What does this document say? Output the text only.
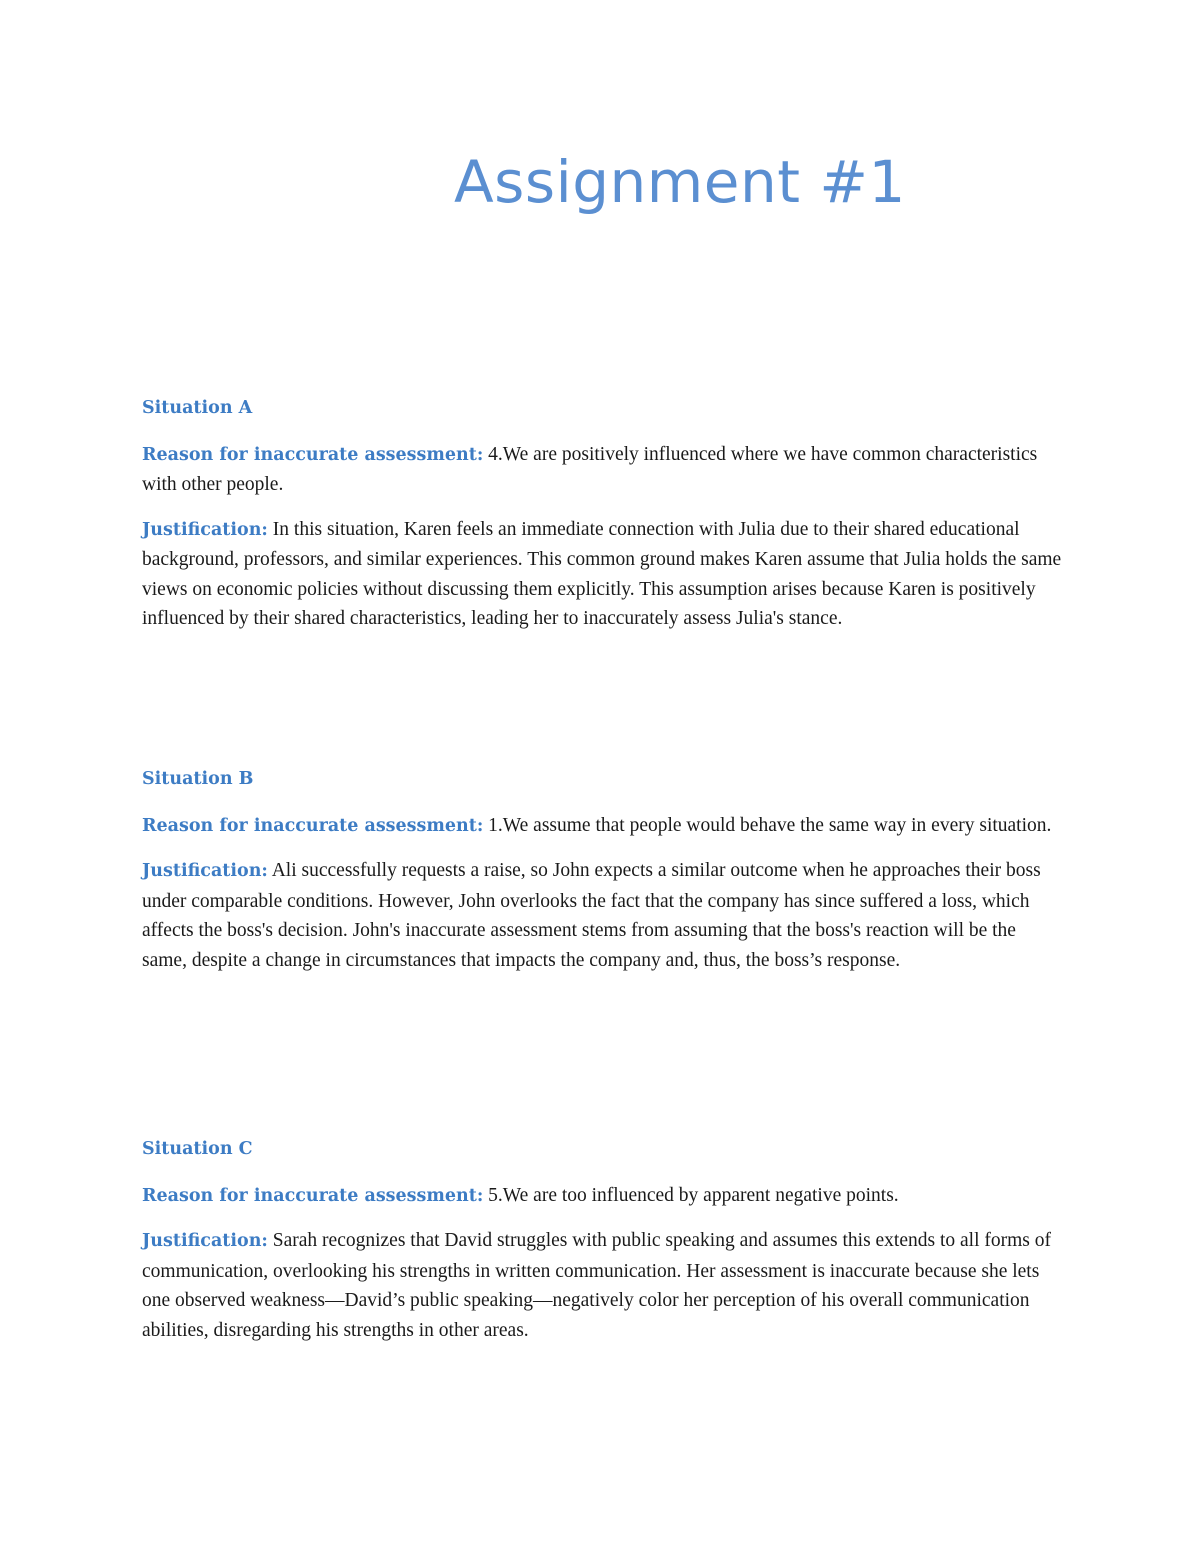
Assignment #1

Situation A

Reason for inaccurate assessment: 4.We are positively influenced where we have common characteristics with other people.

Justification: In this situation, Karen feels an immediate connection with Julia due to their shared educational background, professors, and similar experiences. This common ground makes Karen assume that Julia holds the same views on economic policies without discussing them explicitly. This assumption arises because Karen is positively influenced by their shared characteristics, leading her to inaccurately assess Julia's stance.

Situation B

Reason for inaccurate assessment: 1.We assume that people would behave the same way in every situation.

Justification: Ali successfully requests a raise, so John expects a similar outcome when he approaches their boss under comparable conditions. However, John overlooks the fact that the company has since suffered a loss, which affects the boss's decision. John's inaccurate assessment stems from assuming that the boss's reaction will be the same, despite a change in circumstances that impacts the company and, thus, the boss’s response.

Situation C

Reason for inaccurate assessment: 5.We are too influenced by apparent negative points.

Justification: Sarah recognizes that David struggles with public speaking and assumes this extends to all forms of communication, overlooking his strengths in written communication. Her assessment is inaccurate because she lets one observed weakness—David’s public speaking—negatively color her perception of his overall communication abilities, disregarding his strengths in other areas.
